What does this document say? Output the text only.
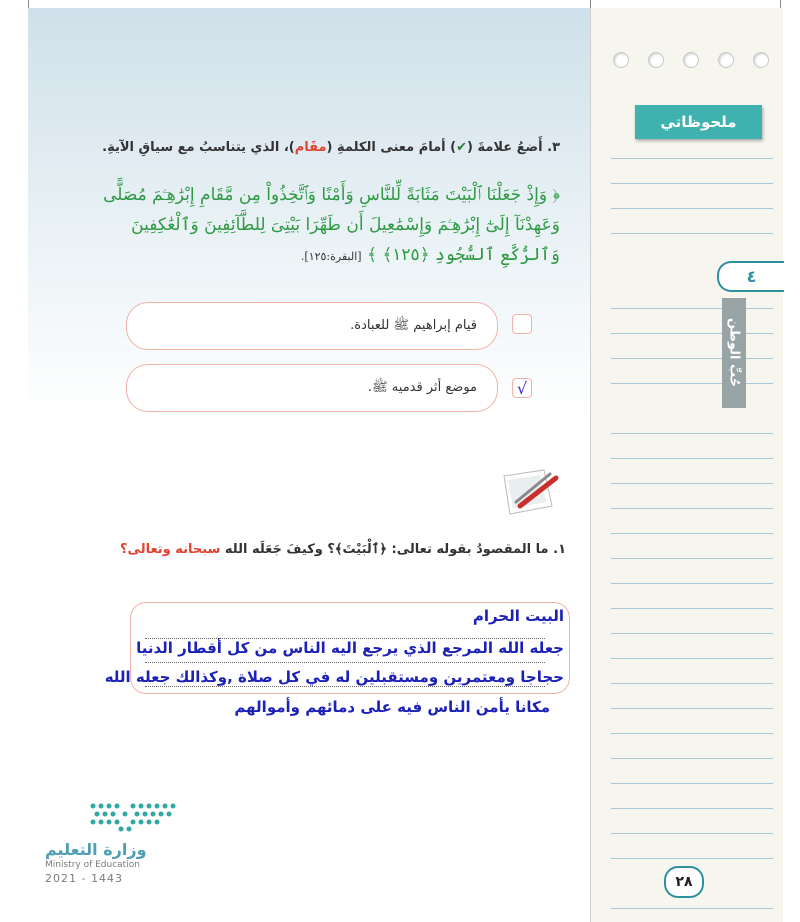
ملحوظاتي
٤
حُبِّ الوطن
٢٨
٣. أَضعُ علامةَ (✔) أمامَ معنى الكلمةِ (مقَام)، الذي يتناسبُ مع سياقِ الآيةِ.
﴿ وَإِذْ جَعَلْنَا ٱلْبَيْتَ مَثَابَةً لِّلنَّاسِ وَأَمْنًا وَٱتَّخِذُواْ مِن مَّقَامِ إِبْرَٰهِـۧمَ مُصَلًّى
وَعَهِدْنَآ إِلَىٰٓ إِبْرَٰهِـۧمَ وَإِسْمَٰعِيلَ أَن طَهِّرَا بَيْتِىَ لِلطَّآئِفِينَ وَٱلْعَٰكِفِينَ
وَٱلرُّكَّعِ ٱلسُّجُودِ ﴿١٢٥﴾ ﴾ [البقرة:١٢٥].
قيام إبراهيم ﷺ للعبادة.
موضع أثر قدميه ﷺ.	√
١. ما المقصودُ بقوله تعالى: ﴿ٱلْبَيْتَ﴾؟ وكيفَ جَعَلَه الله سبحانه وتعالى؟
البيت الحرام
جعله الله المرجع الذي يرجع اليه الناس من كل أقطار الدنيا
حجاجا ومعتمرين ومستقبلين له في كل صلاة ,وكذالك جعله الله
مكانا يأمن الناس فيه على دمائهم وأموالهم
وزارة التعليم
Ministry of Education
2021 - 1443
